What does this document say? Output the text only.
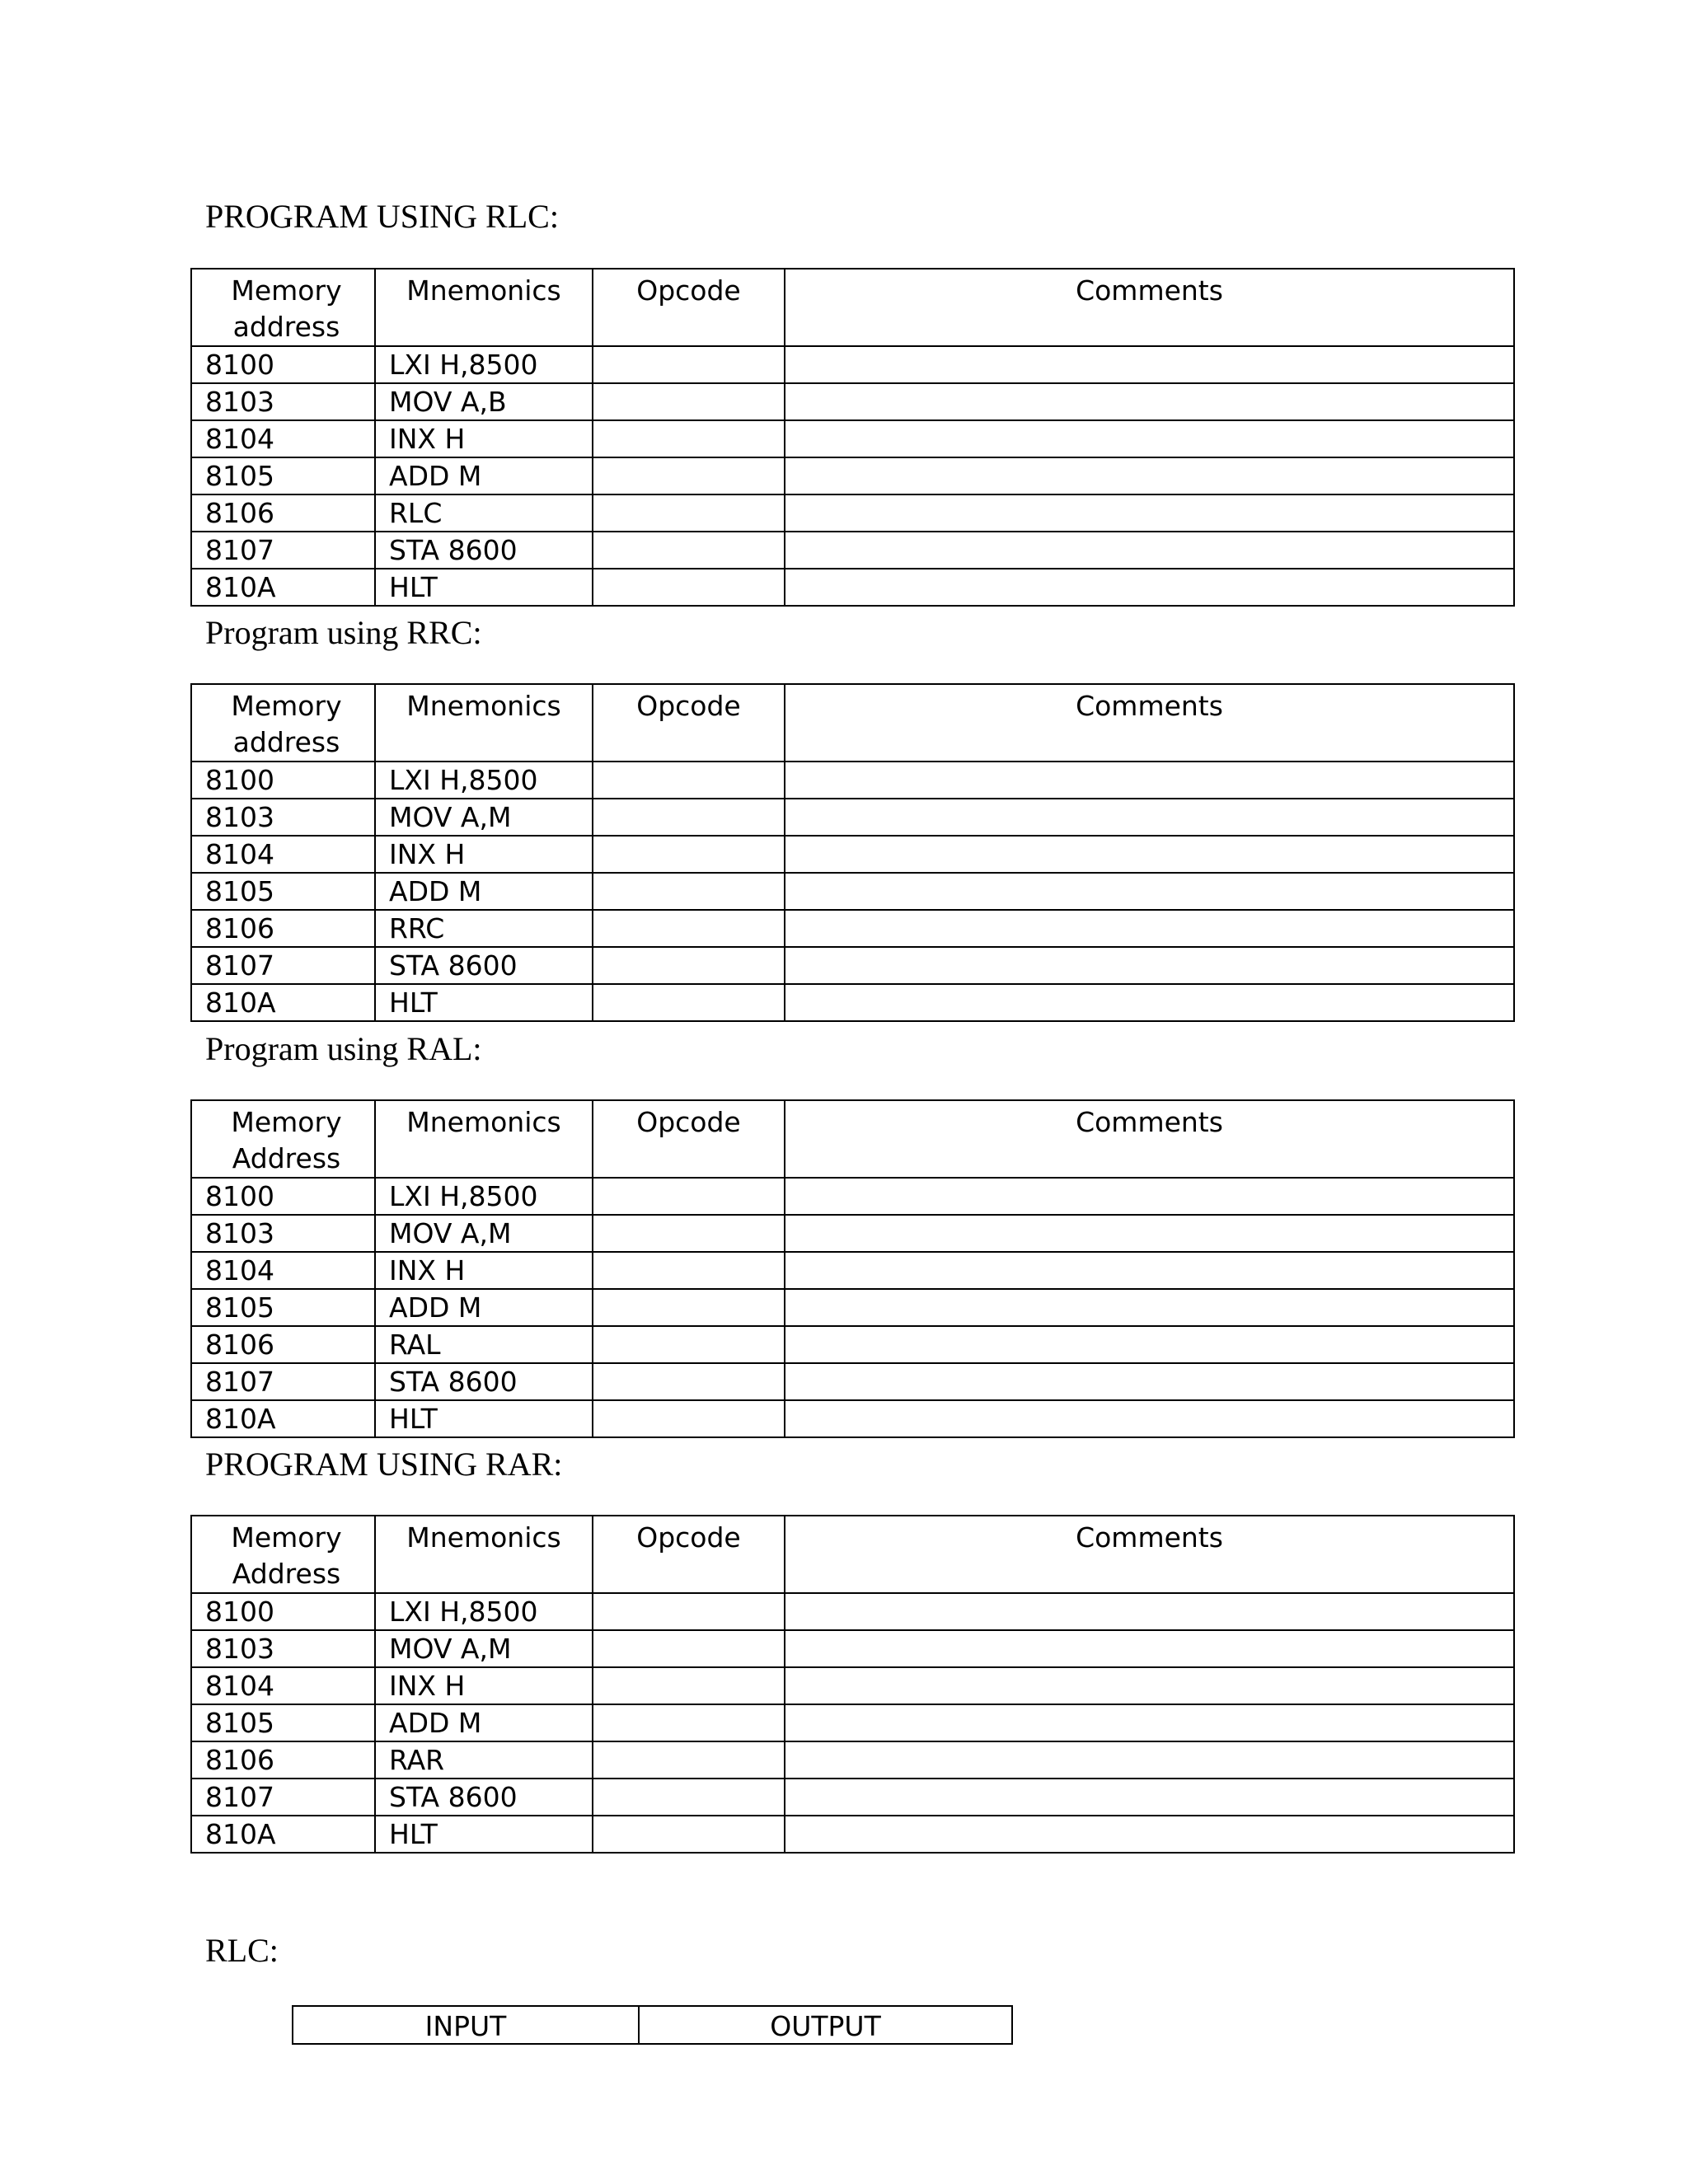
PROGRAM USING RLC:
Memory
address	Mnemonics	Opcode	Comments
8100	LXI H,8500		
8103	MOV A,B		
8104	INX H		
8105	ADD M		
8106	RLC		
8107	STA 8600		
810A	HLT		
Program using RRC:
Memory
address	Mnemonics	Opcode	Comments
8100	LXI H,8500		
8103	MOV A,M		
8104	INX H		
8105	ADD M		
8106	RRC		
8107	STA 8600		
810A	HLT		
Program using RAL:
Memory
Address	Mnemonics	Opcode	Comments
8100	LXI H,8500		
8103	MOV A,M		
8104	INX H		
8105	ADD M		
8106	RAL		
8107	STA 8600		
810A	HLT		
PROGRAM USING RAR:
Memory
Address	Mnemonics	Opcode	Comments
8100	LXI H,8500		
8103	MOV A,M		
8104	INX H		
8105	ADD M		
8106	RAR		
8107	STA 8600		
810A	HLT		
RLC:
INPUT	OUTPUT
